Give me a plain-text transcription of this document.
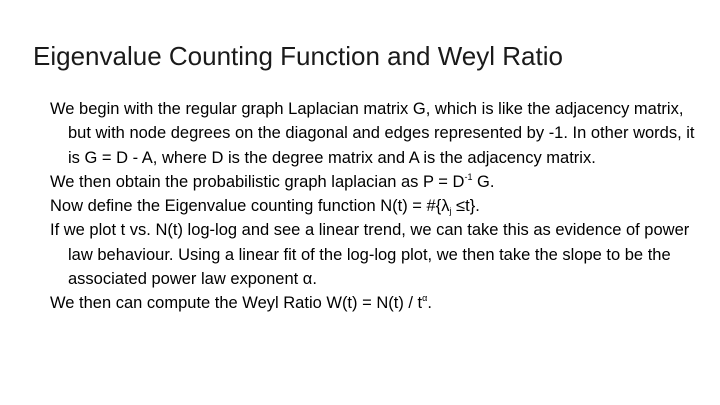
Eigenvalue Counting Function and Weyl Ratio
We begin with the regular graph Laplacian matrix G, which is like the adjacency matrix, but with node degrees on the diagonal and edges represented by -1. In other words, it is G = D - A, where D is the degree matrix and A is the adjacency matrix.
We then obtain the probabilistic graph laplacian as $P = D^{-1}$ G.
Now define the Eigenvalue counting function $N(t) = \#\{\lambda_j \le t\}$.
If we plot t vs. N(t) log-log and see a linear trend, we can take this as evidence of power law behaviour. Using a linear fit of the log-log plot, we then take the slope to be the associated power law exponent α.
We then can compute the Weyl Ratio $W(t) = N(t) / t^\alpha$.
